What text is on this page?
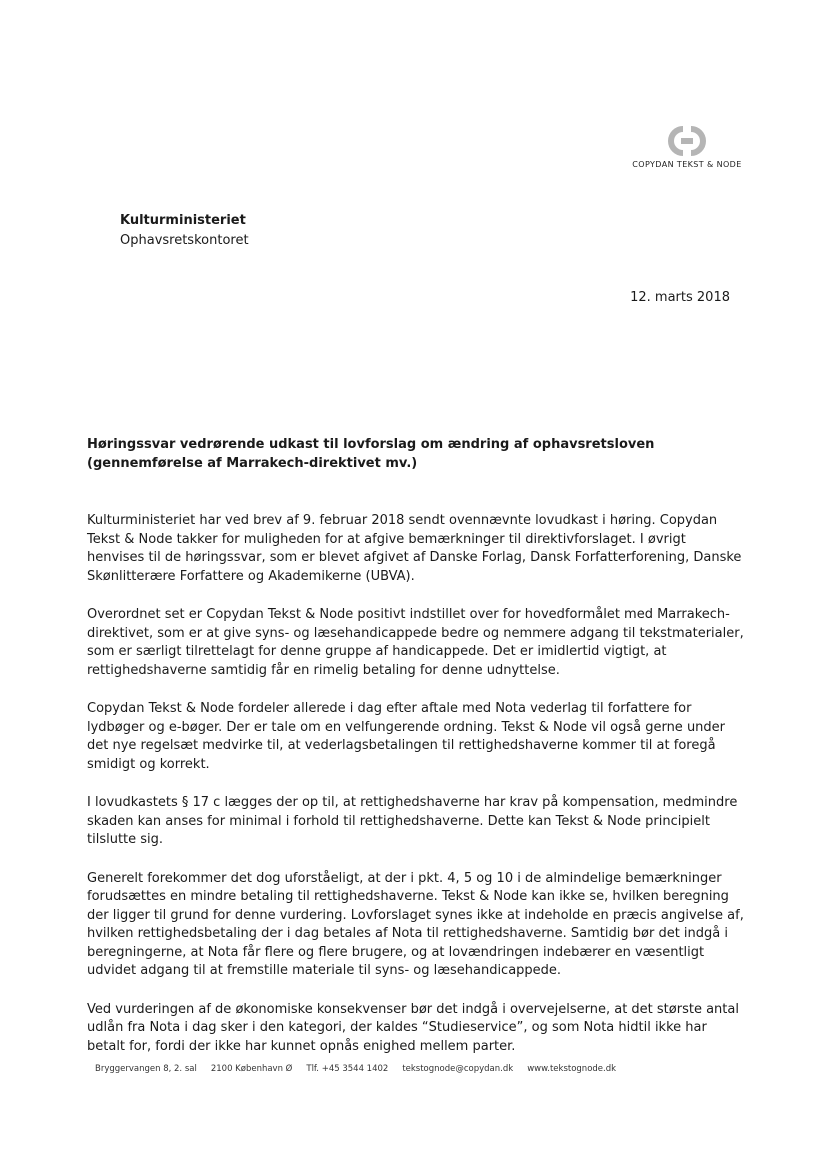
COPYDAN TEKST & NODE
Kulturministeriet
Ophavsretskontoret
12. marts 2018
Høringssvar vedrørende udkast til lovforslag om ændring af ophavsretsloven
(gennemførelse af Marrakech-direktivet mv.)

Kulturministeriet har ved brev af 9. februar 2018 sendt ovennævnte lovudkast i høring. Copydan Tekst & Node takker for muligheden for at afgive bemærkninger til direktivforslaget. I øvrigt henvises til de høringssvar, som er blevet afgivet af Danske Forlag, Dansk Forfatterforening, Danske Skønlitterære Forfattere og Akademikerne (UBVA).

Overordnet set er Copydan Tekst & Node positivt indstillet over for hovedformålet med Marrakech-direktivet, som er at give syns- og læsehandicappede bedre og nemmere adgang til tekstmaterialer, som er særligt tilrettelagt for denne gruppe af handicappede. Det er imidlertid vigtigt, at rettighedshaverne samtidig får en rimelig betaling for denne udnyttelse.

Copydan Tekst & Node fordeler allerede i dag efter aftale med Nota vederlag til forfattere for lydbøger og e-bøger. Der er tale om en velfungerende ordning. Tekst & Node vil også gerne under det nye regelsæt medvirke til, at vederlagsbetalingen til rettighedshaverne kommer til at foregå smidigt og korrekt.

I lovudkastets § 17 c lægges der op til, at rettighedshaverne har krav på kompensation, medmindre skaden kan anses for minimal i forhold til rettighedshaverne. Dette kan Tekst & Node principielt tilslutte sig.

Generelt forekommer det dog uforståeligt, at der i pkt. 4, 5 og 10 i de almindelige bemærkninger forudsættes en mindre betaling til rettighedshaverne. Tekst & Node kan ikke se, hvilken beregning der ligger til grund for denne vurdering. Lovforslaget synes ikke at indeholde en præcis angivelse af, hvilken rettighedsbetaling der i dag betales af Nota til rettighedshaverne. Samtidig bør det indgå i beregningerne, at Nota får flere og flere brugere, og at lovændringen indebærer en væsentligt udvidet adgang til at fremstille materiale til syns- og læsehandicappede.

Ved vurderingen af de økonomiske konsekvenser bør det indgå i overvejelserne, at det største antal udlån fra Nota i dag sker i den kategori, der kaldes “Studieservice”, og som Nota hidtil ikke har betalt for, fordi der ikke har kunnet opnås enighed mellem parter.

Bryggervangen 8, 2. sal 2100 København Ø Tlf. +45 3544 1402 tekstognode@copydan.dk www.tekstognode.dk
